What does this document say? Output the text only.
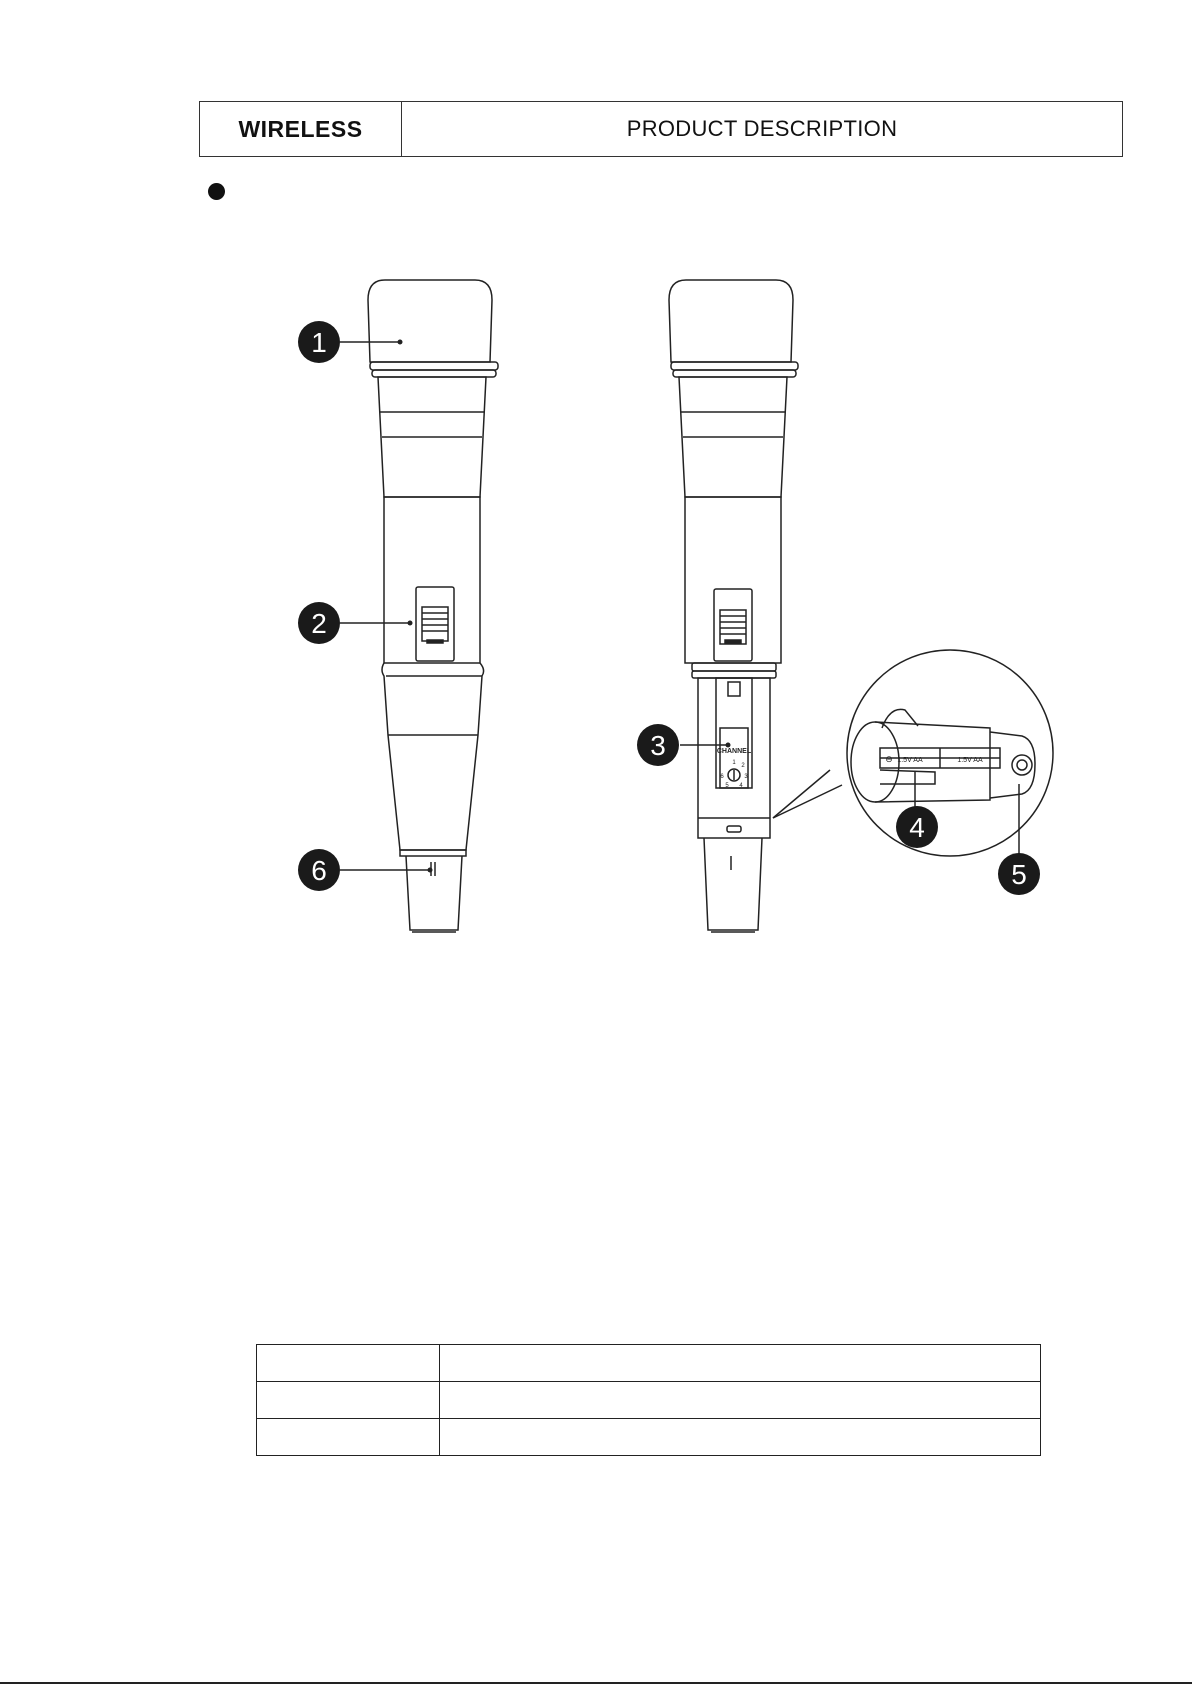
WIRELESS	PRODUCT DESCRIPTION
CHANNEL
1 2
3
4
5
6
1.5V AA	1.5V AA
⊖
1
2
3
4
5
6
